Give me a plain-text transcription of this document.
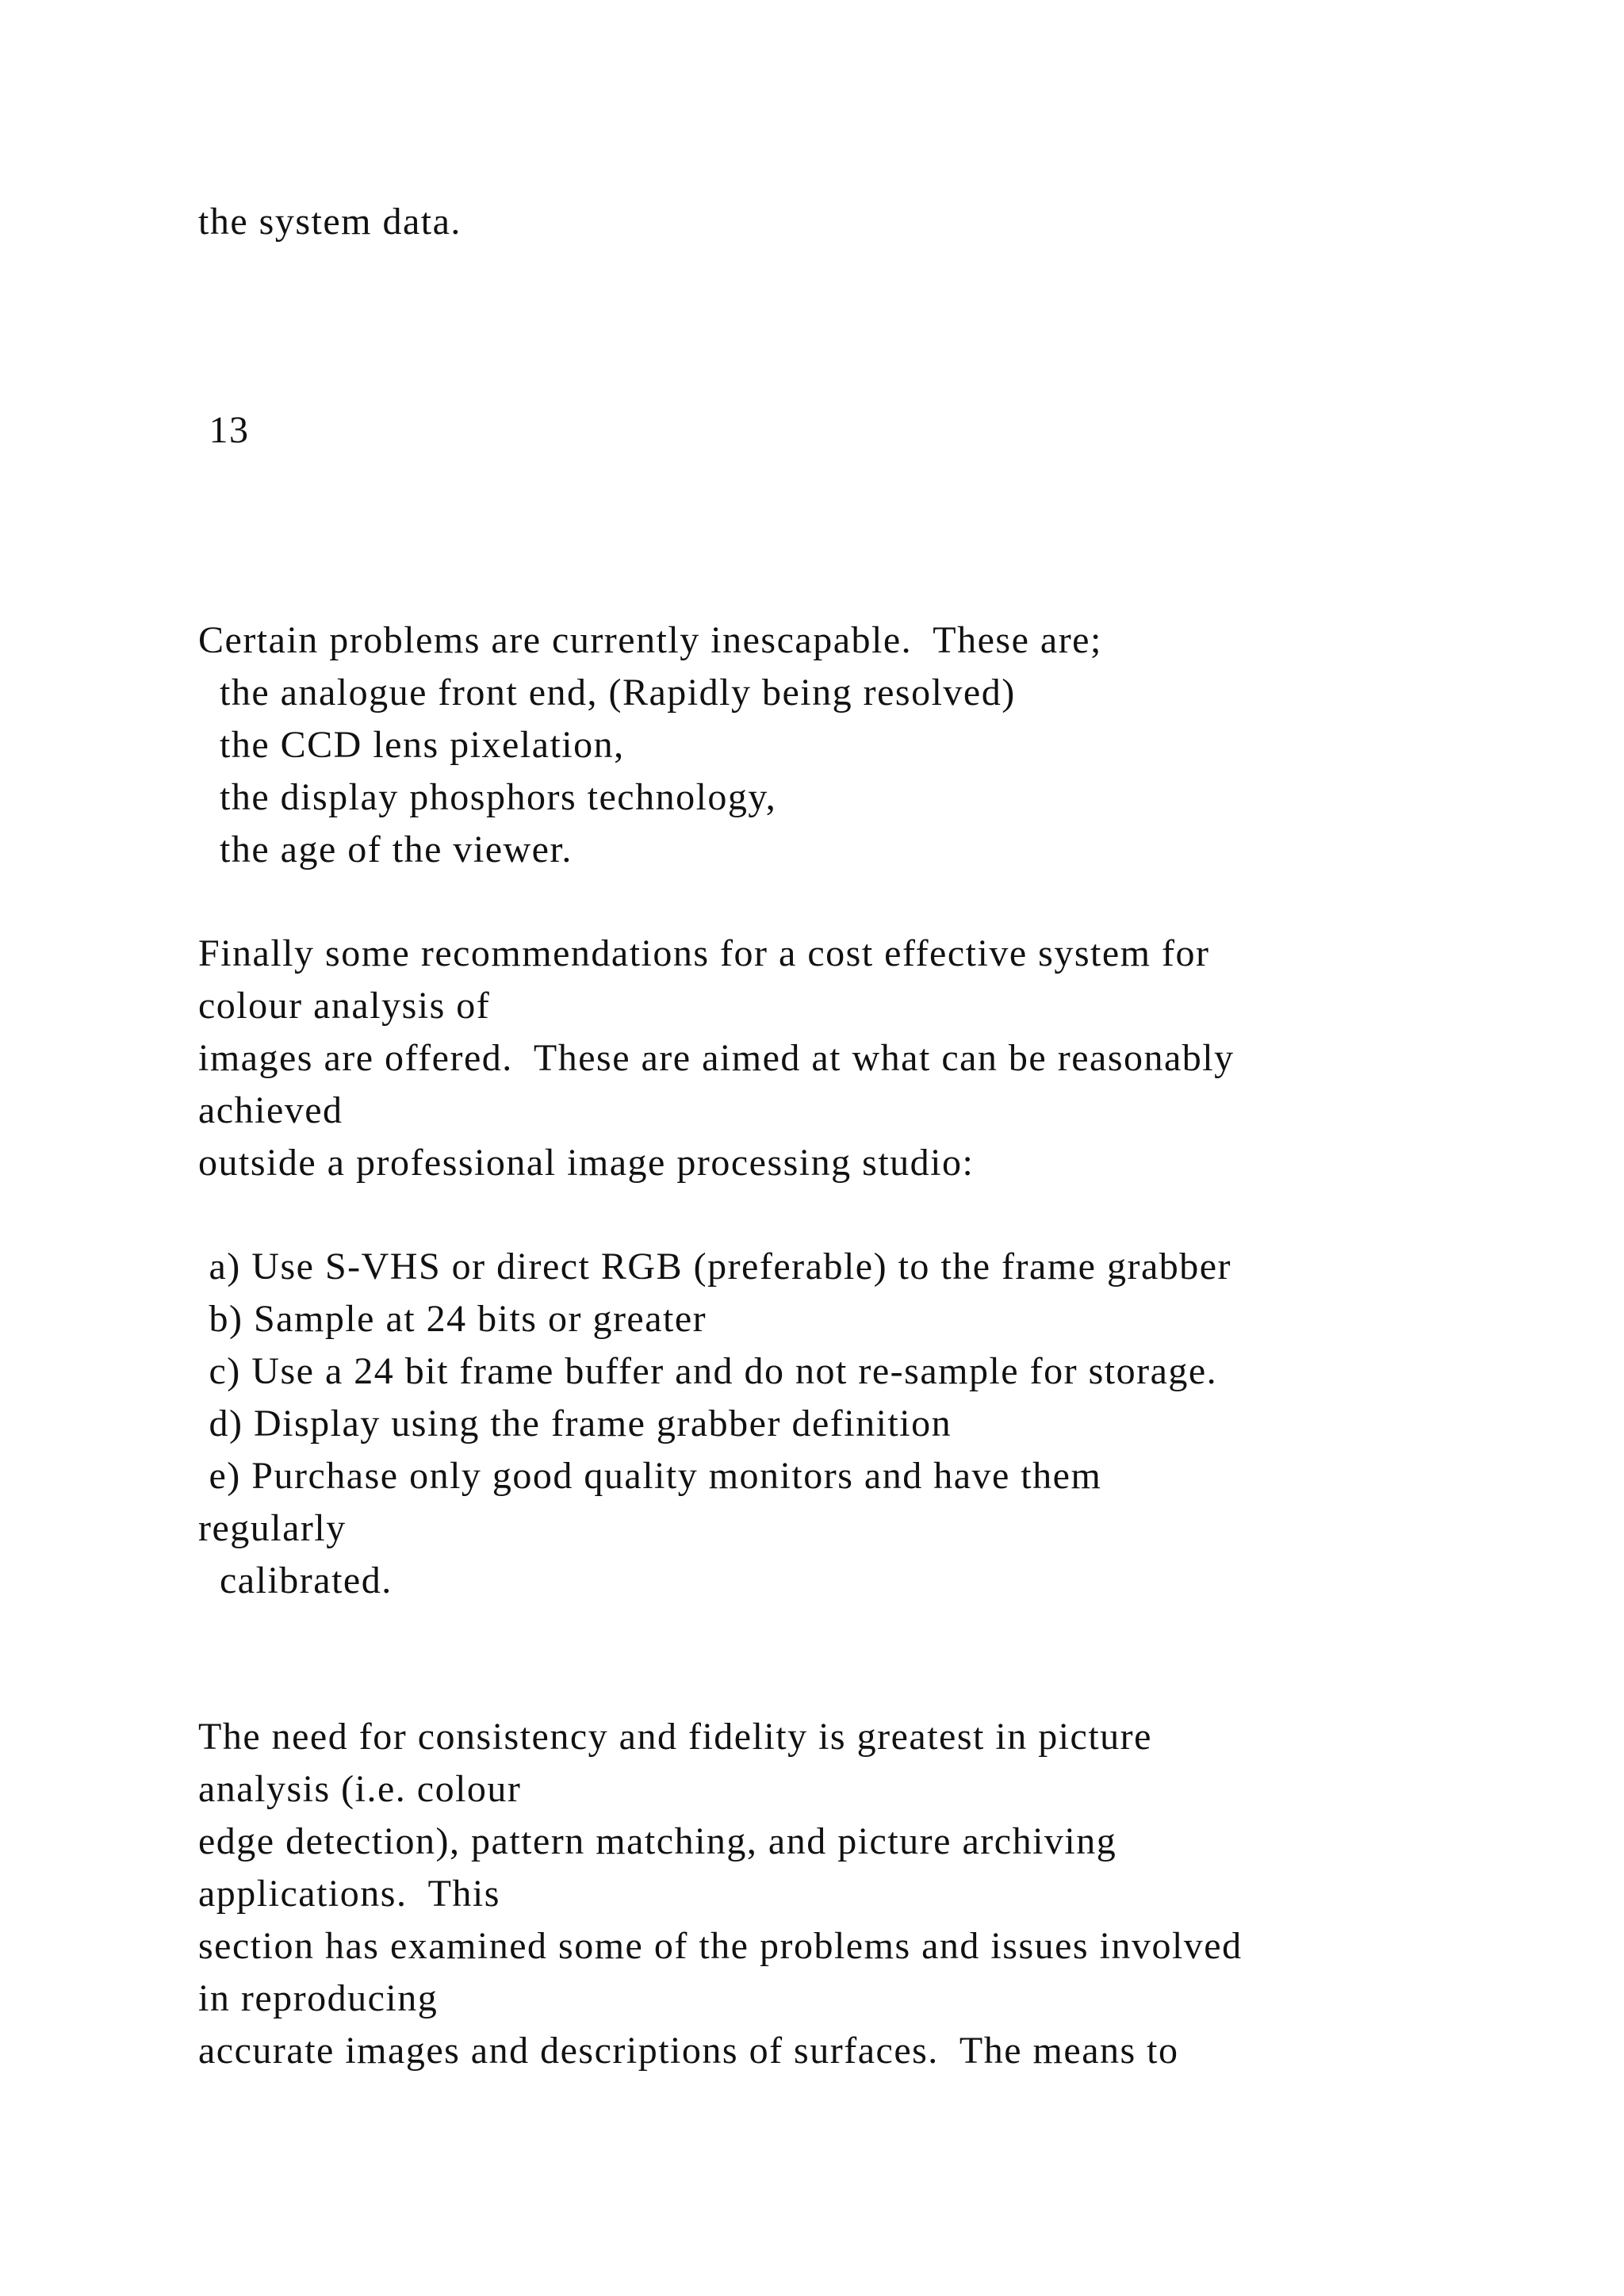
the system data.
13
Certain problems are currently inescapable.  These are;
the analogue front end, (Rapidly being resolved)
the CCD lens pixelation,
the display phosphors technology,
the age of the viewer.
Finally some recommendations for a cost effective system for
colour analysis of
images are offered.  These are aimed at what can be reasonably
achieved
outside a professional image processing studio:
a) Use S-VHS or direct RGB (preferable) to the frame grabber
b) Sample at 24 bits or greater
c) Use a 24 bit frame buffer and do not re-sample for storage.
d) Display using the frame grabber definition
e) Purchase only good quality monitors and have them
regularly
calibrated.
The need for consistency and fidelity is greatest in picture
analysis (i.e. colour
edge detection), pattern matching, and picture archiving
applications.  This
section has examined some of the problems and issues involved
in reproducing
accurate images and descriptions of surfaces.  The means to
